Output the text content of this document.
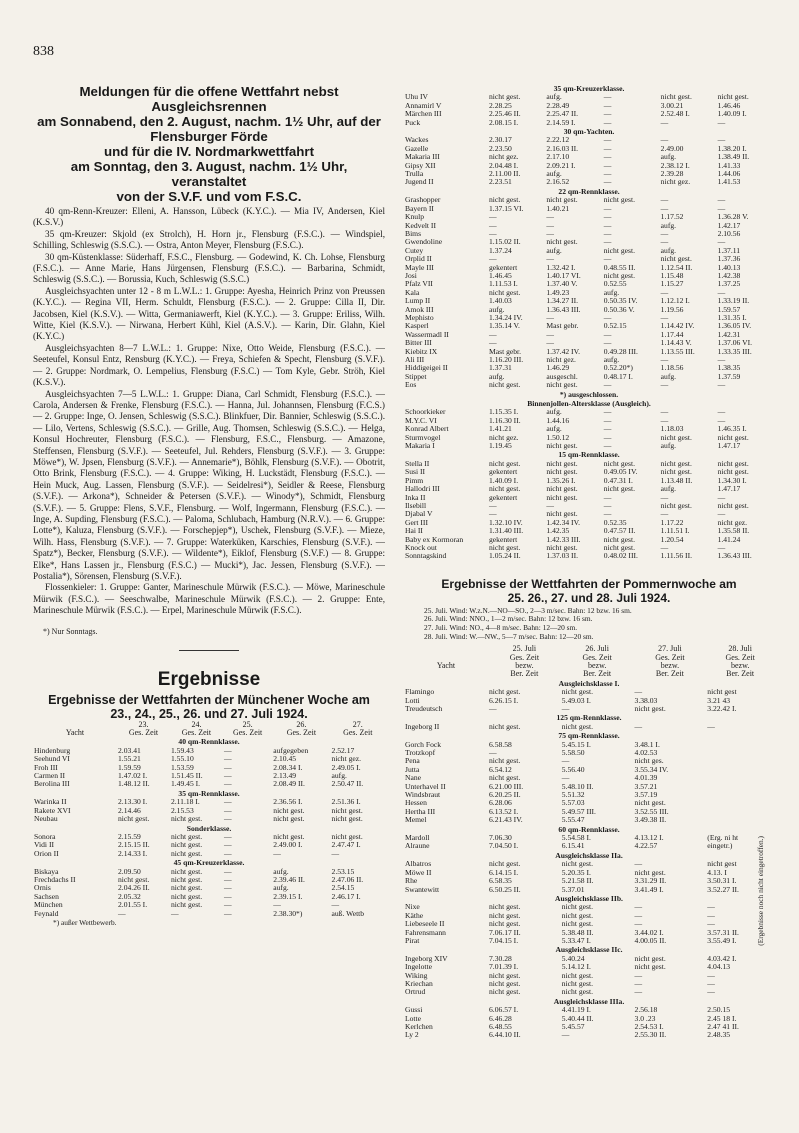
838
Meldungen für die offene Wettfahrt nebst Ausgleichsrennen
am Sonnabend, den 2. August, nachm. 1½ Uhr, auf der
Flensburger Förde
und für die IV. Nordmarkwettfahrt
am Sonntag, den 3. August, nachm. 1½ Uhr, veranstaltet
von der S.V.F. und vom F.S.C.

40 qm-Renn-Kreuzer: Elleni, A. Hansson, Lübeck (K.Y.C.). — Mia IV, Andersen, Kiel (K.S.V.)

35 qm-Kreuzer: Skjold (ex Strolch), H. Horn jr., Flensburg (F.S.C.). — Windspiel, Schilling, Schleswig (S.S.C.). — Ostra, Anton Meyer, Flensburg (F.S.C.).

30 qm-Küstenklasse: Süderhaff, F.S.C., Flensburg. — Godewind, K. Ch. Lohse, Flensburg (F.S.C.). — Anne Marie, Hans Jürgensen, Flensburg (F.S.C.). — Barbarina, Schmidt, Schleswig (S.S.C.). — Borussia, Kuch, Schleswig (S.S.C.)

Ausgleichsyachten unter 12 - 8 m L.W.L.: 1. Gruppe: Ayesha, Heinrich Prinz von Preussen (K.Y.C.). — Regina VII, Herm. Schuldt, Flensburg (F.S.C.). — 2. Gruppe: Cilla II, Dir. Jacobsen, Kiel (K.S.V.). — Witta, Germaniawerft, Kiel (K.Y.C.). — 3. Gruppe: Eriliss, Wilh. Witte, Kiel (K.S.V.). — Nirwana, Herbert Kühl, Kiel (A.S.V.). — Karin, Dir. Glahn, Kiel (K.Y.C.)

Ausgleichsyachten 8—7 L.W.L.: 1. Gruppe: Nixe, Otto Weide, Flensburg (F.S.C.). — Seeteufel, Konsul Entz, Rensburg (K.Y.C.). — Freya, Schiefen & Specht, Flensburg (S.V.F.). — 2. Gruppe: Nordmark, O. Lempelius, Flensburg (F.S.C.) — Tom Kyle, Gebr. Ströh, Kiel (K.S.V.).

Ausgleichsyachten 7—5 L.W.L.: 1. Gruppe: Diana, Carl Schmidt, Flensburg (F.S.C.). — Carola, Andersen & Frenke, Flensburg (F.S.C.). — Hanna, Jul. Johannsen, Flensburg (F.C.S.) — 2. Gruppe: Inge, O. Jensen, Schleswig (S.S.C.). Blinkfuer, Dir. Bannier, Schleswig (S.S.C.). — Lilo, Vertens, Schleswig (S.S.C.). — Grille, Aug. Thomsen, Schleswig (S.S.C.). — Helga, Konsul Hochreuter, Flensburg (F.S.C.). — Flensburg, F.S.C., Flensburg. — Amazone, Steffensen, Flensburg (S.V.F.). — Seeteufel, Jul. Rehders, Flensburg (S.V.F.). — 3. Gruppe: Möwe*), W. Jpsen, Flensburg (S.V.F.). — Annemarie*), Böhlk, Flensburg (S.V.F.). — Obotrit, Otto Brink, Flensburg (F.S.C.). — 4. Gruppe: Wiking, H. Luckstädt, Flensburg (F.S.C.). — Hein Muck, Aug. Lassen, Flensburg (S.V.F.). — Seidelresi*), Seidler & Reese, Flensburg (S.V.F.). — Arkona*), Schneider & Petersen (S.V.F.). — Winody*), Schmidt, Flensburg (S.V.F.). — 5. Gruppe: Flens, S.V.F., Flensburg. — Wolf, Ingermann, Flensburg (F.S.C.). — Inge, A. Supding, Flensburg (F.S.C.). — Paloma, Schlubach, Hamburg (N.R.V.). — 6. Gruppe: Lotte*), Kaluza, Flensburg (S.V.F.). — Forschepjep*), Uschek, Flensburg (S.V.F.). — Mieze, Wilh. Hass, Flensburg (S.V.F.). — 7. Gruppe: Waterküken, Karschies, Flensburg (S.V.F.). — Spatz*), Becker, Flensburg (S.V.F.). — Wildente*), Eiklof, Flensburg (S.V.F.) — 8. Gruppe: Elke*, Hans Lassen jr., Flensburg (F.S.C.) — Mucki*), Jac. Jessen, Flensburg (S.V.F.). — Postalia*), Sörensen, Flensburg (S.V.F.).

Flossenkieler: 1. Gruppe: Ganter, Marineschule Mürwik (F.S.C.). — Möwe, Marineschule Mürwik (F.S.C.). — Seeschwalbe, Marineschule Mürwik (F.S.C.). — 2. Gruppe: Ente, Marineschule Mürwik (F.S.C.). — Erpel, Marineschule Mürwik (F.S.C.).

*) Nur Sonntags.
Ergebnisse
Ergebnisse der Wettfahrten der Münchener Woche am
23., 24., 25., 26. und 27. Juli 1924.
	23.	24.	25.	26.	27.
Yacht	Ges. Zeit	Ges. Zeit	Ges. Zeit	Ges. Zeit	Ges. Zeit
40 qm-Rennklasse.					
Hindenburg	2.03.41	1.59.43	—	aufgegeben	2.52.17
Seehund VI	1.55.21	1.55.10	—	2.10.45	nicht gez.
Froh III	1.59.59	1.53.59	—	2.08.34 I.	2.49.05 I.
Carmen II	1.47.02 I.	1.51.45 II.	—	2.13.49	aufg.
Berolina III	1.48.12 II.	1.49.45 I.	—	2.08.49 II.	2.50.47 II.
35 qm-Rennklasse.					
Warinka II	2.13.30 I.	2.11.18 I.	—	2.36.56 I.	2.51.36 I.
Rakete XVI	2.14.46	2.15.53	—	nicht gest.	nicht gest.
Neubau	nicht gest.	nicht gest.	—	nicht gest.	nicht gest.
Sonderklasse.					
Sonora	2.15.59	nicht gest.	—	nicht gest.	nicht gest.
Vidi II	2.15.15 II.	nicht gest.	—	2.49.00 I.	2.47.47 I.
Orion II	2.14.33 I.	nicht gest.	—	—	—
45 qm-Kreuzerklasse.					
Biskaya	2.09.50	nicht gest.	—	aufg.	2.53.15
Frechdachs II	nicht gest.	nicht gest.	—	2.39.46 II.	2.47.06 II.
Ornis	2.04.26 II.	nicht gest.	—	aufg.	2.54.15
Sachsen	2.05.32	nicht gest.	—	2.39.15 I.	2.46.17 I.
München	2.01.55 I.	nicht gest.	—	—	—
Feynald	—	—	—	2.38.30*)	auß. Wettb
*) außer Wettbewerb.
35 qm-Kreuzerklasse.					
Uhu IV	nicht gest.	aufg.	—	nicht gest.	nicht gest.
Annamirl V	2.28.25	2.28.49	—	3.00.21	1.46.46
Märchen III	2.25.46 II.	2.25.47 II.	—	2.52.48 I.	1.40.09 I.
Puck	2.08.15 I.	2.14.59 I.	—	—	—
30 qm-Yachten.					
Wackes	2.30.17	2.22.12	—	—	—
Gazelle	2.23.50	2.16.03 II.	—	2.49.00	1.38.20 I.
Makaria III	nicht gez.	2.17.10	—	aufg.	1.38.49 II.
Gipsy XII	2.04.48 I.	2.09.21 I.	—	2.38.12 I.	1.41.33
Trulla	2.11.00 II.	aufg.	—	2.39.28	1.44.06
Jugend II	2.23.51	2.16.52	—	nicht gez.	1.41.53
22 qm-Rennklasse.					
Grashopper	nicht gest.	nicht gest.	nicht gest.	—	—
Bayern II	1.37.15 VI.	1.40.21	—	—	—
Knulp	—	—	—	1.17.52	1.36.28 V.
Kedvelt II	—	—	—	aufg.	1.42.17
Bims	—	—	—	—	2.10.56
Gwendoline	1.15.02 II.	nicht gest.	—	—	—
Cutey	1.37.24	aufg.	nicht gest.	aufg.	1.37.11
Orplid II	—	—	—	nicht gest.	1.37.36
Mayle III	gekentert	1.32.42 I.	0.48.55 II.	1.12.54 II.	1.40.13
Josi	1.46.45	1.40.17 VI.	nicht gest.	1.15.48	1.42.38
Pfalz VII	1.11.53 I.	1.37.40 V.	0.52.55	1.15.27	1.37.25
Kala	nicht gest.	1.49.23	aufg.	—	—
Lump II	1.40.03	1.34.27 II.	0.50.35 IV.	1.12.12 I.	1.33.19 II.
Amok III	aufg.	1.36.43 III.	0.50.36 V.	1.19.56	1.59.57
Mephisto	1.34.24 IV.	—	—	—	1.31.35 I.
Kasperl	1.35.14 V.	Mast gebr.	0.52.15	1.14.42 IV.	1.36.05 IV.
Wassermadl II	—	—	—	1.17.44	1.42.31
Bitter III	—	—	—	1.14.43 V.	1.37.06 VI.
Kiebitz IX	Mast gebr.	1.37.42 IV.	0.49.28 III.	1.13.55 III.	1.33.35 III.
Ali III	1.16.20 III.	nicht gez.	aufg.	—	—
Hiddigeigei II	1.37.31	1.46.29	0.52.20*)	1.18.56	1.38.35
Stippet	aufg.	ausgeschl.	0.48.17 I.	aufg.	1.37.59
Eos	nicht gest.	nicht gest.	—	—	—
*) ausgeschlossen.					
Binnenjollen-Altersklasse (Ausgleich).					
Schoorkieker	1.15.35 I.	aufg.	—	—	—
M.Y.C. VI	1.16.30 II.	1.44.16	—	—	—
Konrad Albert	1.41.21	aufg.	—	1.18.03	1.46.35 I.
Sturmvogel	nicht gez.	1.50.12	—	nicht gest.	nicht gest.
Makaria I	1.19.45	nicht gest.	—	aufg.	1.47.17
15 qm-Rennklasse.					
Stella II	nicht gest.	nicht gest.	nicht gest.	nicht gest.	nicht gest.
Susi II	gekentert	nicht gest.	0.49.05 IV.	nicht gest.	nicht gest.
Pimm	1.40.09 I.	1.35.26 I.	0.47.31 I.	1.13.48 II.	1.34.30 I.
Hallodri III	nicht gest.	nicht gest.	nicht gest.	aufg.	1.47.17
Inka II	gekentert	nicht gest.	—	—	—
Ilsebill	—	—	—	nicht gest.	nicht gest.
Djabal V	—	nicht gest.	—	—	—
Gert III	1.32.10 IV.	1.42.34 IV.	0.52.35	1.17.22	nicht gez.
Hai II	1.31.40 III.	1.42.35	0.47.57 II.	1.11.51 I.	1.35.58 II.
Baby ex Kormoran	gekentert	1.42.33 III.	nicht gest.	1.20.54	1.41.24
Knock out	nicht gest.	nicht gest.	nicht gest.	—	—
Sonntagskind	1.05.24 II.	1.37.03 II.	0.48.02 III.	1.11.56 II.	1.36.43 III.
Ergebnisse der Wettfahrten der Pommernwoche am
25. 26., 27. und 28. Juli 1924.
25. Juli. Wind: W.z.N.—NO—SO., 2—3 m/sec. Bahn: 12 bzw. 16 sm.
26. Juli. Wind: NNO., 1—2 m/sec. Bahn: 12 bzw. 16 sm.
27. Juli. Wind: NO., 4—8 m/sec. Bahn: 12—20 sm.
28. Juli. Wind: W.—NW., 5—7 m/sec. Bahn: 12—20 sm.
	25. Juli	26. Juli	27. Juli	28. Juli
	Ges. Zeit	Ges. Zeit	Ges. Zeit	Ges. Zeit
Yacht	bezw.	bezw.	bezw.	bezw.
	Ber. Zeit	Ber. Zeit	Ber. Zeit	Ber. Zeit
Ausgleichsklasse I.				
Flamingo	nicht gest.	nicht gest.	—	nicht gest
Lotti	6.26.15 I.	5.49.03 I.	3.38.03	3.21 43
Treudeutsch	—	—	nicht gest.	3.22.42 I.
125 qm-Rennklasse.				
Ingeborg II	nicht gest.	nicht gest.	—	—
75 qm-Rennklasse.				
Gorch Fock	6.58.58	5.45.15 I.	3.48.1 I.	
Trotzkopf	—	5.58.50	4.02.53	
Pena	nicht gest.	—	nicht ges.	
Jutta	6.54.12	5.56.40	3.55.34 IV.	
Nane	nicht gest.	—	4.01.39	
Unterhavel II	6.21.00 III.	5.48.10 II.	3.57.21	
Windsbraut	6.20.25 II.	5.51.32	3.57.19	
Hessen	6.28.06	5.57.03	nicht gest.	
Hertha III	6.13.52 I.	5.49.57 III.	3.52.55 III.	
Memel	6.21.43 IV.	5.55.47	3.49.38 II.	
60 qm-Rennklasse.				
Mardoll	7.06.30	5.54.58 I.	4.13.12 I.	(Erg. ni ht
Alraune	7.04.50 I.	6.15.41	4.22.57	eingetr.)
Ausgleichsklasse IIa.				
Albatros	nicht gest.	nicht gest.	—	nicht gest
Möwe II	6.14.15 I.	5.20.35 I.	nicht gest.	4.13. I
Rhe	6.58.35	5.21.58 II.	3.31.29 II.	3.50.31 I.
Swantewitt	6.50.25 II.	5.37.01	3.41.49 I.	3.52.27 II.
Ausgleichsklasse IIb.				
Nixe	nicht gest.	nicht gest.	—	—
Käthe	nicht gest.	nicht gest.	—	—
Liebeseele II	nicht gest.	nicht gest.	—	—
Fahrensmann	7.06.17 II.	5.38.48 II.	3.44.02 I.	3.57.31 II.
Pirat	7.04.15 I.	5.33.47 I.	4.00.05 II.	3.55.49 I.
Ausgleichsklasse IIc.				
Ingeborg XIV	7.30.28	5.40.24	nicht gest.	4.03.42 I.
Ingelotte	7.01.39 I.	5.14.12 I.	nicht gest.	4.04.13
Wiking	nicht gest.	nicht gest.	—	—
Kriechan	nicht gest.	nicht gest.	—	—
Ortrud	nicht gest.	nicht gest.	—	—
Ausgleichsklasse IIIa.				
Gussi	6.06.57 I.	4.41.19 I.	2.56.18	2.50.15
Lotte	6.46.28	5.40.44 II.	3.0 .23	2.45 18 I.
Kerlchen	6.48.55	5.45.57	2.54.53 I.	2.47 41 II.
Ly 2	6.44.10 II.	—	2.55.30 II.	2.48.35
(Ergebnisse noch nicht eingetroffen.)
